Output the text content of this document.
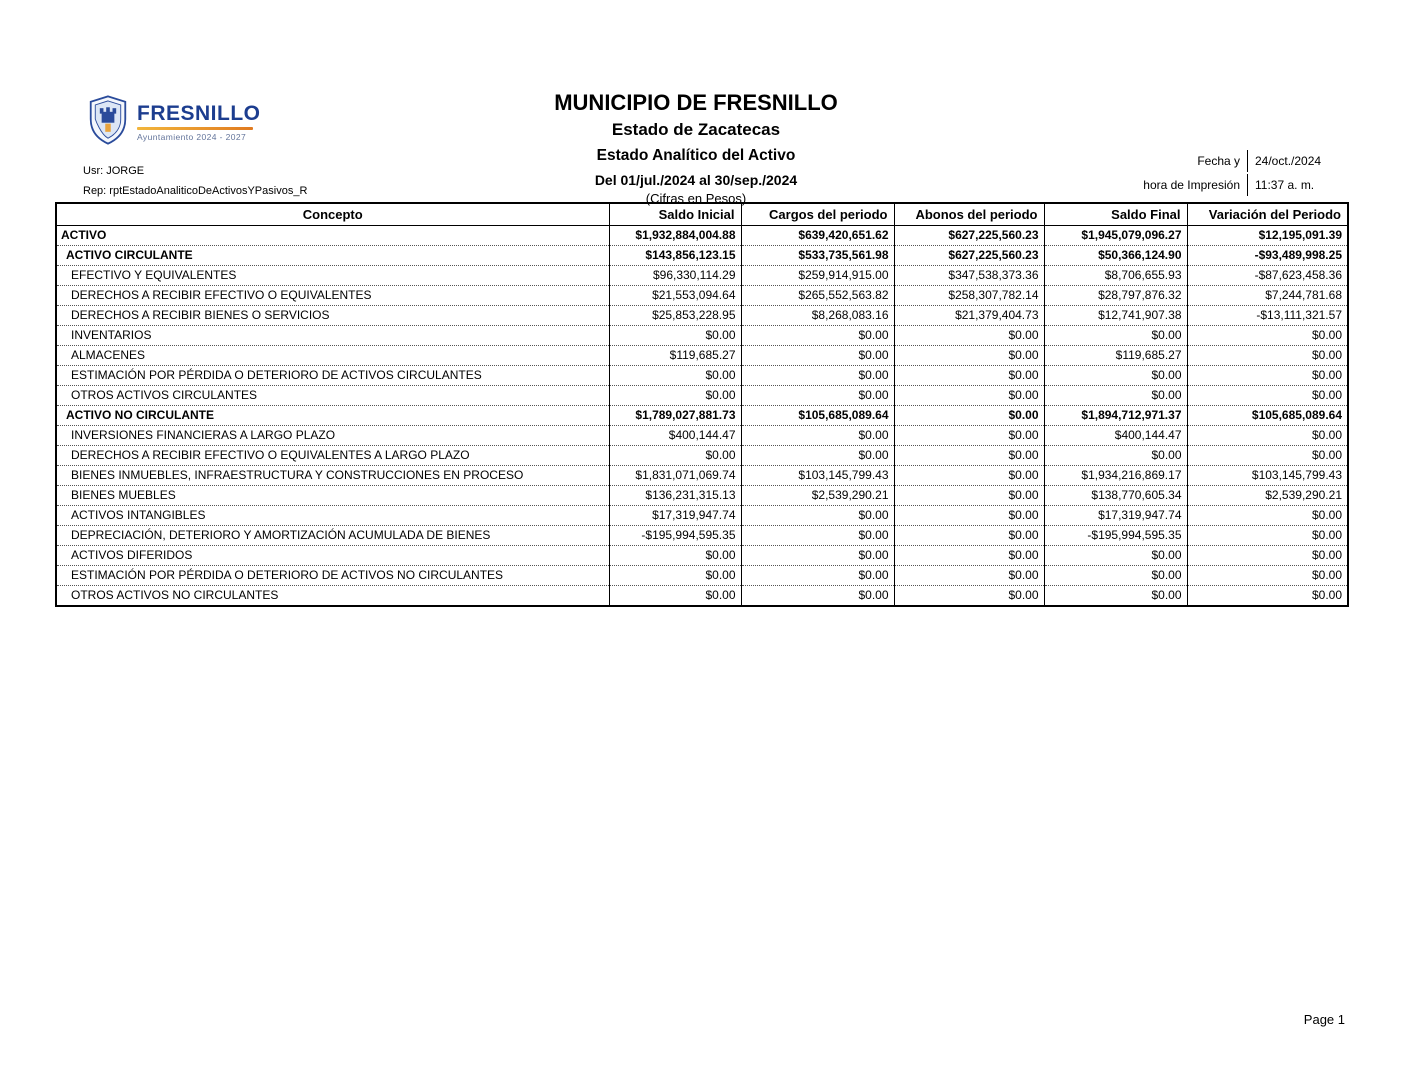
FRESNILLO
Ayuntamiento 2024 - 2027
MUNICIPIO DE FRESNILLO
Estado de Zacatecas
Estado Analítico del Activo
Del 01/jul./2024 al 30/sep./2024
(Cifras en Pesos)
Usr: JORGE
Rep: rptEstadoAnaliticoDeActivosYPasivos_R
Fecha y 24/oct./2024
hora de Impresión 11:37 a. m.
Concepto	Saldo Inicial	Cargos del periodo	Abonos del periodo	Saldo Final	Variación del Periodo
ACTIVO	$1,932,884,004.88	$639,420,651.62	$627,225,560.23	$1,945,079,096.27	$12,195,091.39
ACTIVO CIRCULANTE	$143,856,123.15	$533,735,561.98	$627,225,560.23	$50,366,124.90	-$93,489,998.25
EFECTIVO Y EQUIVALENTES	$96,330,114.29	$259,914,915.00	$347,538,373.36	$8,706,655.93	-$87,623,458.36
DERECHOS A RECIBIR EFECTIVO O EQUIVALENTES	$21,553,094.64	$265,552,563.82	$258,307,782.14	$28,797,876.32	$7,244,781.68
DERECHOS A RECIBIR BIENES O SERVICIOS	$25,853,228.95	$8,268,083.16	$21,379,404.73	$12,741,907.38	-$13,111,321.57
INVENTARIOS	$0.00	$0.00	$0.00	$0.00	$0.00
ALMACENES	$119,685.27	$0.00	$0.00	$119,685.27	$0.00
ESTIMACIÓN POR PÉRDIDA O DETERIORO DE ACTIVOS CIRCULANTES	$0.00	$0.00	$0.00	$0.00	$0.00
OTROS ACTIVOS CIRCULANTES	$0.00	$0.00	$0.00	$0.00	$0.00
ACTIVO NO CIRCULANTE	$1,789,027,881.73	$105,685,089.64	$0.00	$1,894,712,971.37	$105,685,089.64
INVERSIONES FINANCIERAS A LARGO PLAZO	$400,144.47	$0.00	$0.00	$400,144.47	$0.00
DERECHOS A RECIBIR EFECTIVO O EQUIVALENTES A LARGO PLAZO	$0.00	$0.00	$0.00	$0.00	$0.00
BIENES INMUEBLES, INFRAESTRUCTURA Y CONSTRUCCIONES EN PROCESO	$1,831,071,069.74	$103,145,799.43	$0.00	$1,934,216,869.17	$103,145,799.43
BIENES MUEBLES	$136,231,315.13	$2,539,290.21	$0.00	$138,770,605.34	$2,539,290.21
ACTIVOS INTANGIBLES	$17,319,947.74	$0.00	$0.00	$17,319,947.74	$0.00
DEPRECIACIÓN, DETERIORO Y AMORTIZACIÓN ACUMULADA DE BIENES	-$195,994,595.35	$0.00	$0.00	-$195,994,595.35	$0.00
ACTIVOS DIFERIDOS	$0.00	$0.00	$0.00	$0.00	$0.00
ESTIMACIÓN POR PÉRDIDA O DETERIORO DE ACTIVOS NO CIRCULANTES	$0.00	$0.00	$0.00	$0.00	$0.00
OTROS ACTIVOS NO CIRCULANTES	$0.00	$0.00	$0.00	$0.00	$0.00
Page 1
